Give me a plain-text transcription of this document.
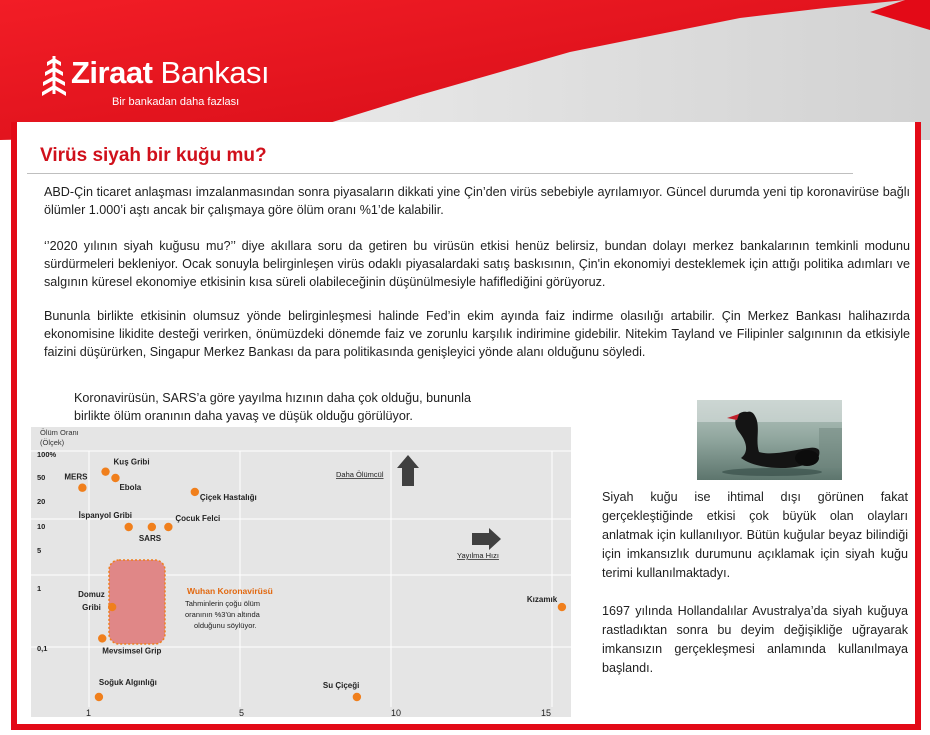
Ziraat Bankası
Bir bankadan daha fazlası
Virüs siyah bir kuğu mu?

ABD-Çin ticaret anlaşması imzalanmasından sonra piyasaların dikkati yine Çin’den virüs sebebiyle ayrılamıyor. Güncel durumda yeni tip koronavirüse bağlı ölümler 1.000’i aştı ancak bir çalışmaya göre ölüm oranı %1’de kalabilir.

‘’2020 yılının siyah kuğusu mu?’’ diye akıllara soru da getiren bu virüsün etkisi henüz belirsiz, bundan dolayı merkez bankalarının temkinli modunu sürdürmeleri bekleniyor. Ocak sonuyla belirginleşen virüs odaklı piyasalardaki satış baskısının, Çin'in ekonomiyi desteklemek için attığı politika adımları ve salgının küresel ekonomiye etkisinin kısa süreli olabileceğinin düşünülmesiyle hafiflediğini görüyoruz.

Bununla birlikte etkisinin olumsuz yönde belirginleşmesi halinde Fed’in ekim ayında faiz indirme olasılığı artabilir. Çin Merkez Bankası halihazırda ekonomisine likidite desteği verirken, önümüzdeki dönemde faiz ve zorunlu karşılık indirimine gidebilir. Nitekim Tayland ve Filipinler salgınının da etkisiyle faizini düşürürken, Singapur Merkez Bankası da para politikasında genişleyici yönde alanı olduğunu söyledi.

Koronavirüsün, SARS’a göre yayılma hızının daha çok olduğu, bununla birlikte ölüm oranının daha yavaş ve düşük olduğu görülüyor.
Ölüm Oranı
(Ölçek)
100%
50
20
10
5
1
0,1
1	5	10	15
Wuhan Koronavirüsü
Tahminlerin çoğu ölüm
oranının %3'ün altında
olduğunu söylüyor.
Daha Ölümcül
Yayılma Hızı
Kuş Gribi
MERS
Ebola
Çiçek Hastalığı
İspanyol Gribi
SARS
Çocuk Felci
Domuz Gribi
Mevsimsel Grip
Kızamık
Soğuk Algınlığı	Su Çiçeği

Siyah kuğu ise ihtimal dışı görünen fakat gerçekleştiğinde etkisi çok büyük olan olayları anlatmak için kullanılıyor. Bütün kuğular beyaz bilindiği için imkansızlık durumunu açıklamak için siyah kuğu terimi kullanılmaktadyı.

1697 yılında Hollandalılar Avustralya’da siyah kuğuya rastladıktan sonra bu deyim değişikliğe uğrayarak imkansızın gerçekleşmesi anlamında kullanılmaya başlandı.
